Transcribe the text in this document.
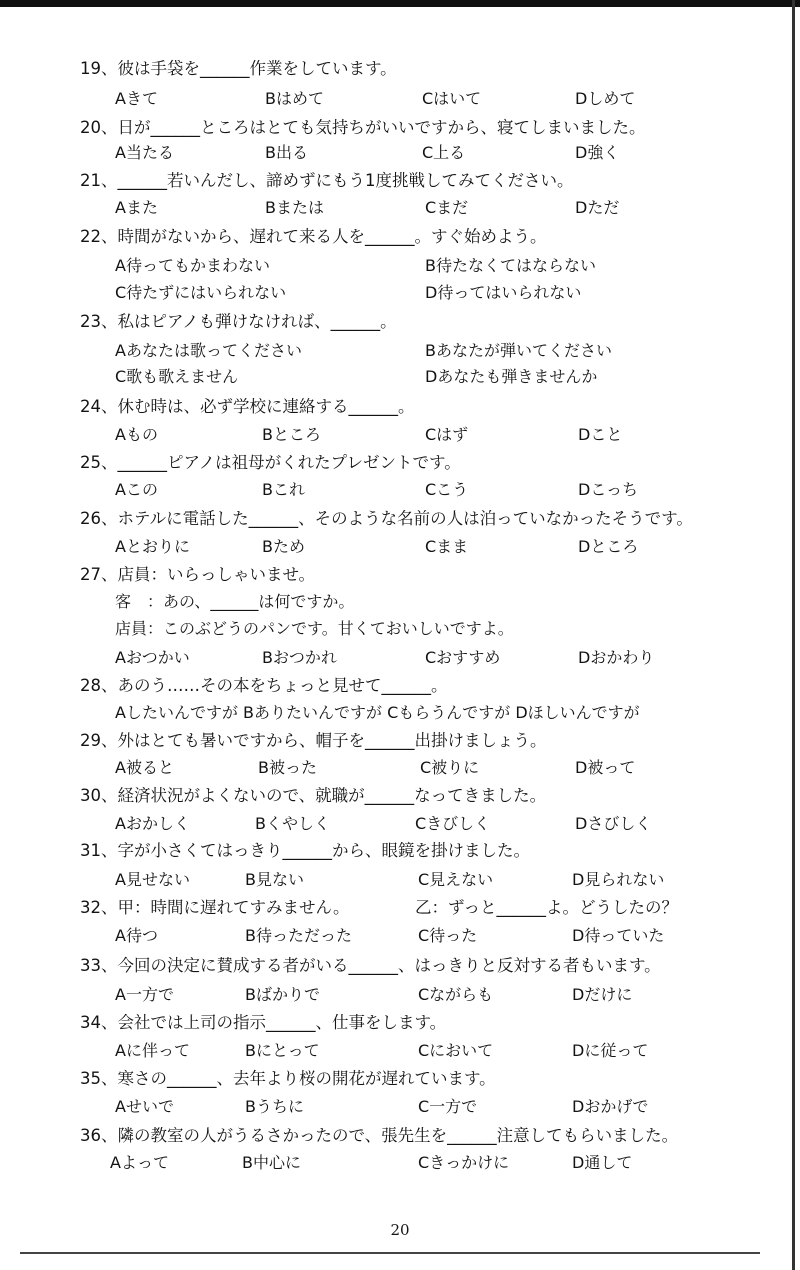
19、彼は手袋を______作業をしています。
Aきて	Bはめて	Cはいて	Dしめて
20、日が______ところはとても気持ちがいいですから、寝てしまいました。
A当たる	B出る	C上る	D強く
21、______若いんだし、諦めずにもう1度挑戦してみてください。
Aまた	Bまたは	Cまだ	Dただ
22、時間がないから、遅れて来る人を______。すぐ始めよう。
A待ってもかまわない	B待たなくてはならない
C待たずにはいられない	D待ってはいられない
23、私はピアノも弾けなければ、______。
Aあなたは歌ってください	Bあなたが弾いてください
C歌も歌えません	Dあなたも弾きませんか
24、休む時は、必ず学校に連絡する______。
Aもの	Bところ	Cはず	Dこと
25、______ピアノは祖母がくれたプレゼントです。
Aこの	Bこれ	Cこう	Dこっち
26、ホテルに電話した______、そのような名前の人は泊っていなかったそうです。
Aとおりに	Bため	Cまま	Dところ
27、店員：いらっしゃいませ。
客　：あの、______は何ですか。
店員：このぶどうのパンです。甘くておいしいですよ。
Aおつかい	Bおつかれ	Cおすすめ	Dおかわり
28、あのう……その本をちょっと見せて______。
Aしたいんですが Bありたいんですが Cもらうんですが Dほしいんですが
29、外はとても暑いですから、帽子を______出掛けましょう。
A被ると	B被った	C被りに	D被って
30、経済状況がよくないので、就職が______なってきました。
Aおかしく	Bくやしく	Cきびしく	Dさびしく
31、字が小さくてはっきり______から、眼鏡を掛けました。
A見せない	B見ない	C見えない	D見られない
32、甲：時間に遅れてすみません。	乙：ずっと______よ。どうしたの？
A待つ	B待っただった	C待った	D待っていた
33、今回の決定に賛成する者がいる______、はっきりと反対する者もいます。
A一方で	Bばかりで	Cながらも	Dだけに
34、会社では上司の指示______、仕事をします。
Aに伴って	Bにとって	Cにおいて	Dに従って
35、寒さの______、去年より桜の開花が遅れています。
Aせいで	Bうちに	C一方で	Dおかげで
36、隣の教室の人がうるさかったので、張先生を______注意してもらいました。
Aよって	B中心に	Cきっかけに	D通して
20
